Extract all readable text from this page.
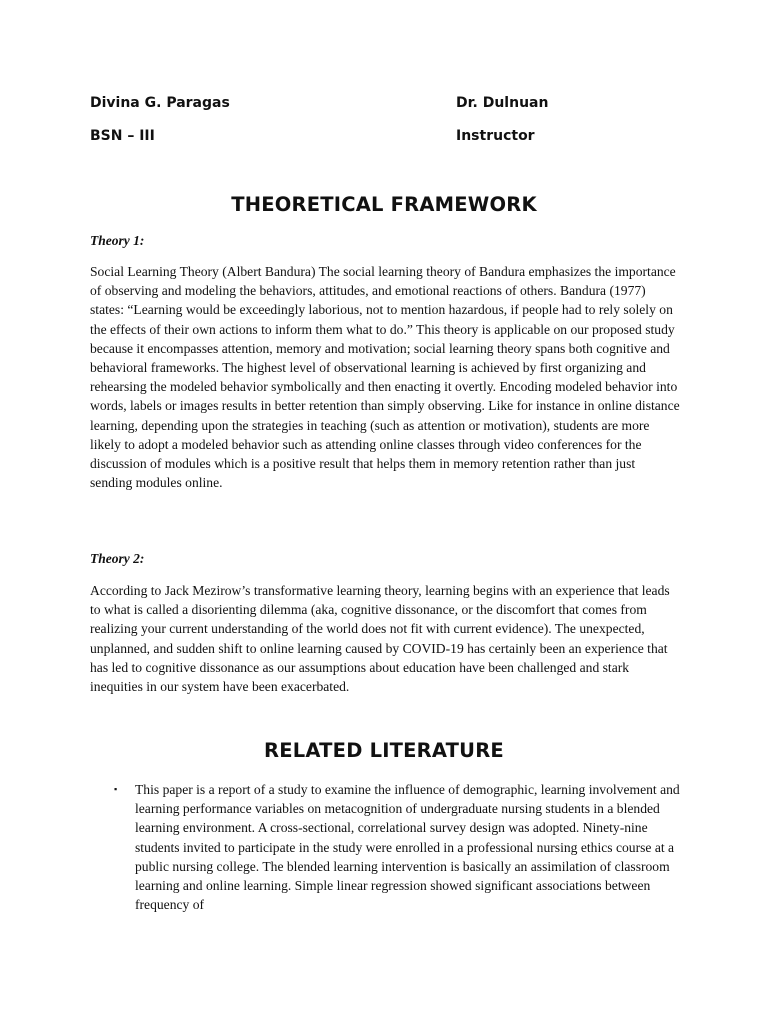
Divina G. Paragas	Dr. Dulnuan
BSN – III	Instructor
THEORETICAL FRAMEWORK

Theory 1:

Social Learning Theory (Albert Bandura) The social learning theory of Bandura emphasizes the importance of observing and modeling the behaviors, attitudes, and emotional reactions of others. Bandura (1977) states: “Learning would be exceedingly laborious, not to mention hazardous, if people had to rely solely on the effects of their own actions to inform them what to do.” This theory is applicable on our proposed study because it encompasses attention, memory and motivation; social learning theory spans both cognitive and behavioral frameworks. The highest level of observational learning is achieved by first organizing and rehearsing the modeled behavior symbolically and then enacting it overtly. Encoding modeled behavior into words, labels or images results in better retention than simply observing. Like for instance in online distance learning, depending upon the strategies in teaching (such as attention or motivation), students are more likely to adopt a modeled behavior such as attending online classes through video conferences for the discussion of modules which is a positive result that helps them in memory retention rather than just sending modules online.

Theory 2:

According to Jack Mezirow’s transformative learning theory, learning begins with an experience that leads to what is called a disorienting dilemma (aka, cognitive dissonance, or the discomfort that comes from realizing your current understanding of the world does not fit with current evidence). The unexpected, unplanned, and sudden shift to online learning caused by COVID-19 has certainly been an experience that has led to cognitive dissonance as our assumptions about education have been challenged and stark inequities in our system have been exacerbated.

RELATED LITERATURE
▪ This paper is a report of a study to examine the influence of demographic, learning involvement and learning performance variables on metacognition of undergraduate nursing students in a blended learning environment. A cross-sectional, correlational survey design was adopted. Ninety-nine students invited to participate in the study were enrolled in a professional nursing ethics course at a public nursing college. The blended learning intervention is basically an assimilation of classroom learning and online learning. Simple linear regression showed significant associations between frequency of
